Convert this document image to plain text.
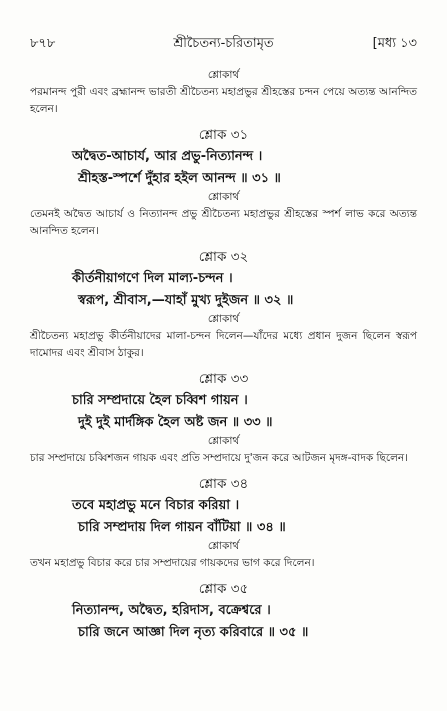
৮৭৮	শ্রীচৈতন্য-চরিতামৃত	[মধ্য ১৩
শ্লোকার্থ
পরমানন্দ পুরী এবং ব্রহ্মানন্দ ভারতী শ্রীচৈতন্য মহাপ্রভুর শ্রীহস্তের চন্দন পেয়ে অত্যন্ত আনন্দিত হলেন।
শ্লোক ৩১
অদ্বৈত-আচার্য, আর প্রভু-নিত্যানন্দ ।
শ্রীহস্ত-স্পর্শে দুঁহার হইল আনন্দ ॥ ৩১ ॥
শ্লোকার্থ
তেমনই অদ্বৈত আচার্য ও নিত্যানন্দ প্রভু শ্রীচৈতন্য মহাপ্রভুর শ্রীহস্তের স্পর্শ লাভ করে অত্যন্ত আনন্দিত হলেন।
শ্লোক ৩২
কীর্তনীয়াগণে দিল মাল্য-চন্দন ।
স্বরূপ, শ্রীবাস,—যাহাঁ মুখ্য দুইজন ॥ ৩২ ॥
শ্লোকার্থ
শ্রীচৈতন্য মহাপ্রভু কীর্তনীয়াদের মালা-চন্দন দিলেন—যাঁদের মধ্যে প্রধান দুজন ছিলেন স্বরূপ দামোদর এবং শ্রীবাস ঠাকুর।
শ্লোক ৩৩
চারি সম্প্রদায়ে হৈল চব্বিশ গায়ন ।
দুই দুই মার্দঙ্গিক হৈল অষ্ট জন ॥ ৩৩ ॥
শ্লোকার্থ
চার সম্প্রদায়ে চব্বিশজন গায়ক এবং প্রতি সম্প্রদায়ে দু'জন করে আটজন মৃদঙ্গ-বাদক ছিলেন।
শ্লোক ৩৪
তবে মহাপ্রভু মনে বিচার করিয়া ।
চারি সম্প্রদায় দিল গায়ন বাঁটিয়া ॥ ৩৪ ॥
শ্লোকার্থ
তখন মহাপ্রভু বিচার করে চার সম্প্রদায়ের গায়কদের ভাগ করে দিলেন।
শ্লোক ৩৫
নিত্যানন্দ, অদ্বৈত, হরিদাস, বক্রেশ্বরে ।
চারি জনে আজ্ঞা দিল নৃত্য করিবারে ॥ ৩৫ ॥
